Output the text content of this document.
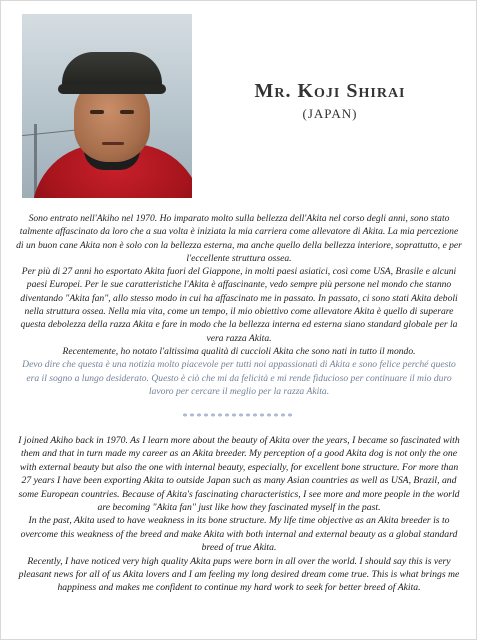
Mr. Koji Shirai
(JAPAN)

Sono entrato nell'Akiho nel 1970. Ho imparato molto sulla bellezza dell'Akita nel corso degli anni, sono stato talmente affascinato da loro che a sua volta è iniziata la mia carriera come allevatore di Akita. La mia percezione di un buon cane Akita non è solo con la bellezza esterna, ma anche quello della bellezza interiore, soprattutto, e per l'eccellente struttura ossea.

Per più di 27 anni ho esportato Akita fuori del Giappone, in molti paesi asiatici, così come USA, Brasile e alcuni paesi Europei. Per le sue caratteristiche l'Akita è affascinante, vedo sempre più persone nel mondo che stanno diventando "Akita fan", allo stesso modo in cui ha affascinato me in passato. In passato, ci sono stati Akita deboli nella struttura ossea. Nella mia vita, come un tempo, il mio obiettivo come allevatore Akita è quello di superare questa debolezza della razza Akita e fare in modo che la bellezza interna ed esterna siano standard globale per la vera razza Akita.

Recentemente, ho notato l'altissima qualità di cuccioli Akita che sono nati in tutto il mondo.

Devo dire che questa è una notizia molto piacevole per tutti noi appassionati di Akita e sono felice perché questo era il sogno a lungo desiderato. Questo è ciò che mi da felicità e mi rende fiducioso per continuare il mio duro lavoro per cercare il meglio per la razza Akita.

****************

I joined Akiho back in 1970. As I learn more about the beauty of Akita over the years, I became so fascinated with them and that in turn made my career as an Akita breeder. My perception of a good Akita dog is not only the one with external beauty but also the one with internal beauty, especially, for excellent bone structure. For more than 27 years I have been exporting Akita to outside Japan such as many Asian countries as well as USA, Brazil, and some European countries. Because of Akita's fascinating characteristics, I see more and more people in the world are becoming "Akita fan" just like how they fascinated myself in the past.

In the past, Akita used to have weakness in its bone structure. My life time objective as an Akita breeder is to overcome this weakness of the breed and make Akita with both internal and external beauty as a global standard breed of true Akita.

Recently, I have noticed very high quality Akita pups were born in all over the world. I should say this is very pleasant news for all of us Akita lovers and I am feeling my long desired dream come true. This is what brings me happiness and makes me confident to continue my hard work to seek for better breed of Akita.
